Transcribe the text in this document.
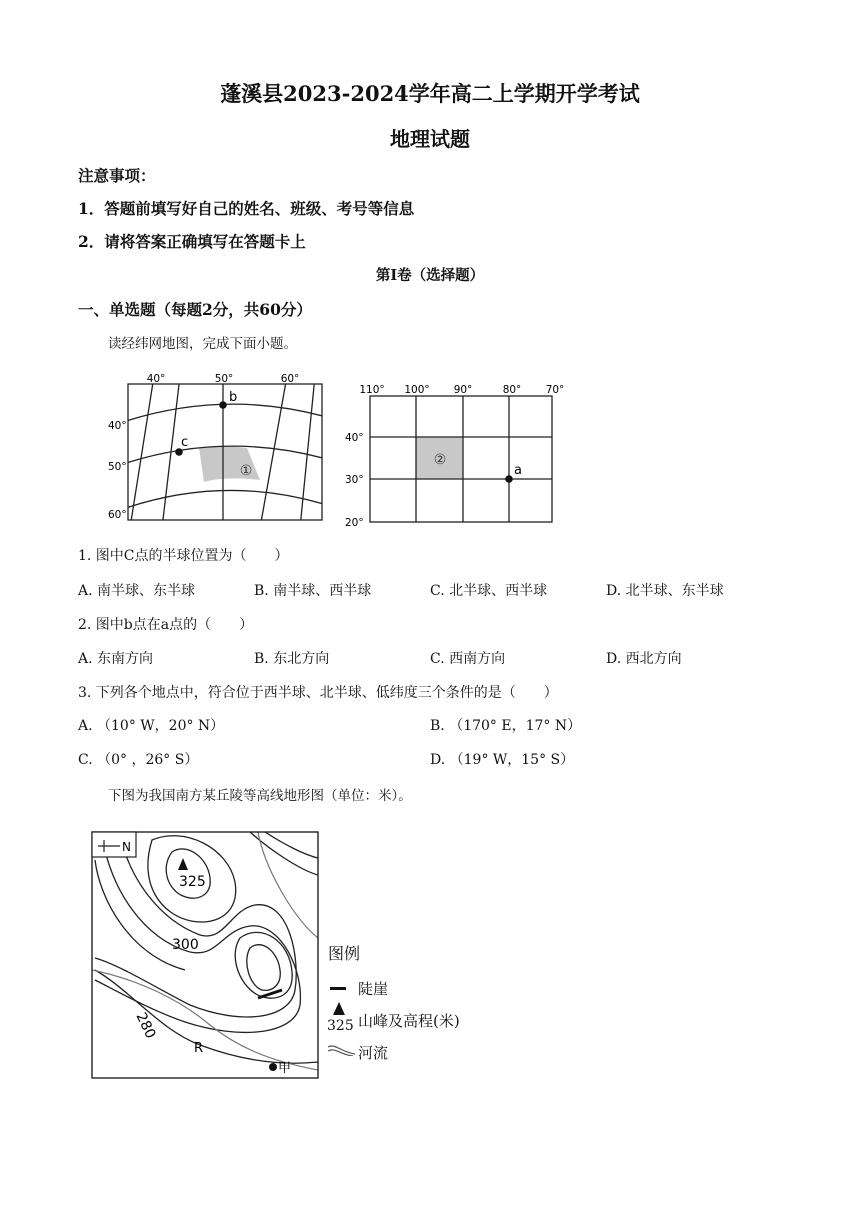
蓬溪县2023-2024学年高二上学期开学考试
地理试题
注意事项：
1．答题前填写好自己的姓名、班级、考号等信息
2．请将答案正确填写在答题卡上
第I卷（选择题）
一、单选题（每题2分，共60分）
读经纬网地图，完成下面小题。
40°	50°	60°
40°
50°
60°
b
c
①
110° 100° 90°	80° 70°
40°
30°
20°
②
a
1. 图中C点的半球位置为（　　）
A. 南半球、东半球	B. 南半球、西半球	C. 北半球、西半球	D. 北半球、东半球
2. 图中b点在a点的（　　）
A. 东南方向	B. 东北方向	C. 西南方向	D. 西北方向
3. 下列各个地点中，符合位于西半球、北半球、低纬度三个条件的是（　　）
A. （10° W，20° N）	B. （170° E，17° N）
C. （0° ，26° S）	D. （19° W，15° S）
下图为我国南方某丘陵等高线地形图（单位：米）。
N
325
300
280
R
甲
图例
陡崖
山峰及高程(米)
325
河流
